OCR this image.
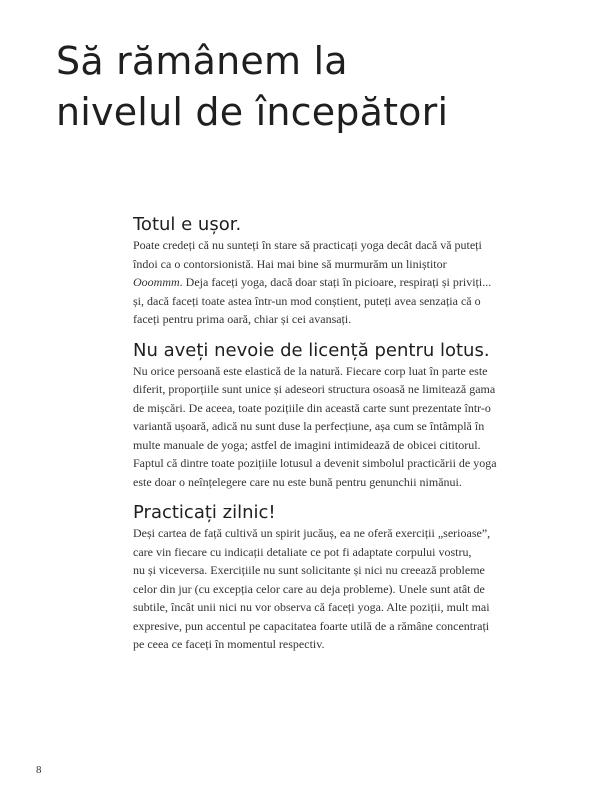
Să rămânem la
nivelul de începători
Totul e ușor.

Poate credeți că nu sunteți în stare să practicați yoga decât dacă vă puteți
îndoi ca o contorsionistă. Hai mai bine să murmurăm un liniștitor
Ooommm. Deja faceți yoga, dacă doar stați în picioare, respirați și priviți...
și, dacă faceți toate astea într-un mod conștient, puteți avea senzația că o
faceți pentru prima oară, chiar și cei avansați.

Nu aveți nevoie de licență pentru lotus.

Nu orice persoană este elastică de la natură. Fiecare corp luat în parte este
diferit, proporțiile sunt unice și adeseori structura osoasă ne limitează gama
de mișcări. De aceea, toate pozițiile din această carte sunt prezentate într-o
variantă ușoară, adică nu sunt duse la perfecțiune, așa cum se întâmplă în
multe manuale de yoga; astfel de imagini intimidează de obicei cititorul.
Faptul că dintre toate pozițiile lotusul a devenit simbolul practicării de yoga
este doar o neînțelegere care nu este bună pentru genunchii nimănui.

Practicați zilnic!

Deși cartea de față cultivă un spirit jucăuș, ea ne oferă exerciții „serioase”,
care vin fiecare cu indicații detaliate ce pot fi adaptate corpului vostru,
nu și viceversa. Exercițiile nu sunt solicitante și nici nu creează probleme
celor din jur (cu excepția celor care au deja probleme). Unele sunt atât de
subtile, încât unii nici nu vor observa că faceți yoga. Alte poziții, mult mai
expresive, pun accentul pe capacitatea foarte utilă de a rămâne concentrați
pe ceea ce faceți în momentul respectiv.

8
